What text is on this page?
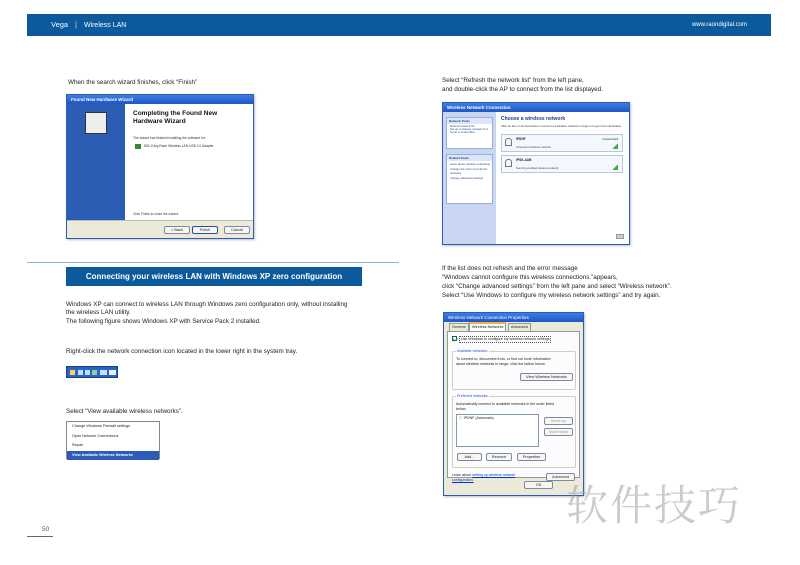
Vega | Wireless LAN	www.raondigital.com
When the search wizard finishes, click “Finish”
Found New Hardware Wizard
Completing the Found New
Hardware Wizard
The wizard has finished installing the software for:
802.11b/g Raon Wireless LAN USB 2.0 Adapter
Click Finish to close the wizard.
< Back	Finish	Cancel
Connecting your wireless LAN with Windows XP zero configuration
Windows XP can connect to wireless LAN through Windows zero configuration only, without installing
the wireless LAN utility.
The following figure shows Windows XP with Service Pack 2 installed.
Right-click the network connection icon located in the lower right in the system tray.
Select “View available wireless networks”.
Change Windows Firewall settings
Open Network Connections
Repair
View Available Wireless Networks
Select “Refresh the network list” from the left pane,
and double-click the AP to connect from the list displayed.
Wireless Network Connection
Network Tasks
Refresh network list
Set up a wireless network for a home or small office
Related Tasks
Learn about wireless networking
Change the order of preferred networks
Change advanced settings
Choose a wireless network
Click an item in the list below to connect to a wireless network in range or to get more information.
IPDNF	Connected
Unsecured wireless network
IPSK-AAB
Security-enabled wireless network
If the list does not refresh and the error message
“Windows cannot configure this wireless connections.”appears,
click “Change advanced settings” from the left pane and select “Wireless network”.
Select “Use Windows to configure my wireless network settings” and try again.
Wireless Network Connection Properties
General	Wireless Networks	Advanced
Use Windows to configure my wireless network settings
Available networks:
To connect to, disconnect from, or find out more information
about wireless networks in range, click the button below.
View Wireless Networks
Preferred networks:
Automatically connect to available networks in the order listed
below:
ⓘ IPDNF (Automatic)
Move up
Move down
Add...	Remove	Properties
Learn about setting up wireless network
configuration.
Advanced
OK
50	软件技巧
